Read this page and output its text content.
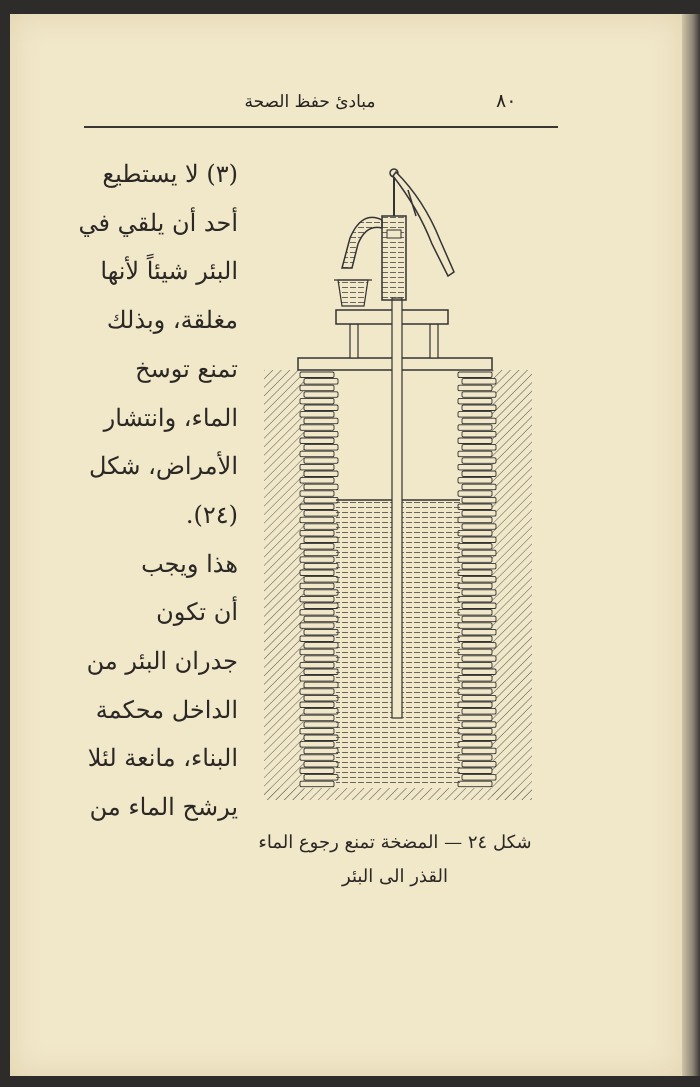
٨٠
مبادئ حفظ الصحة
(٣) لا يستطيع
أحد أن يلقي في
البئر شيئاً لأنها
مغلقة، وبذلك
تمنع توسخ
الماء، وانتشار
الأمراض، شكل
(٢٤).
هذا ويجب
أن تكون
جدران البئر من
الداخل محكمة
البناء، مانعة لئلا
يرشح الماء من
شكل ٢٤ — المضخة تمنع رجوع الماء
القذر الى البئر
